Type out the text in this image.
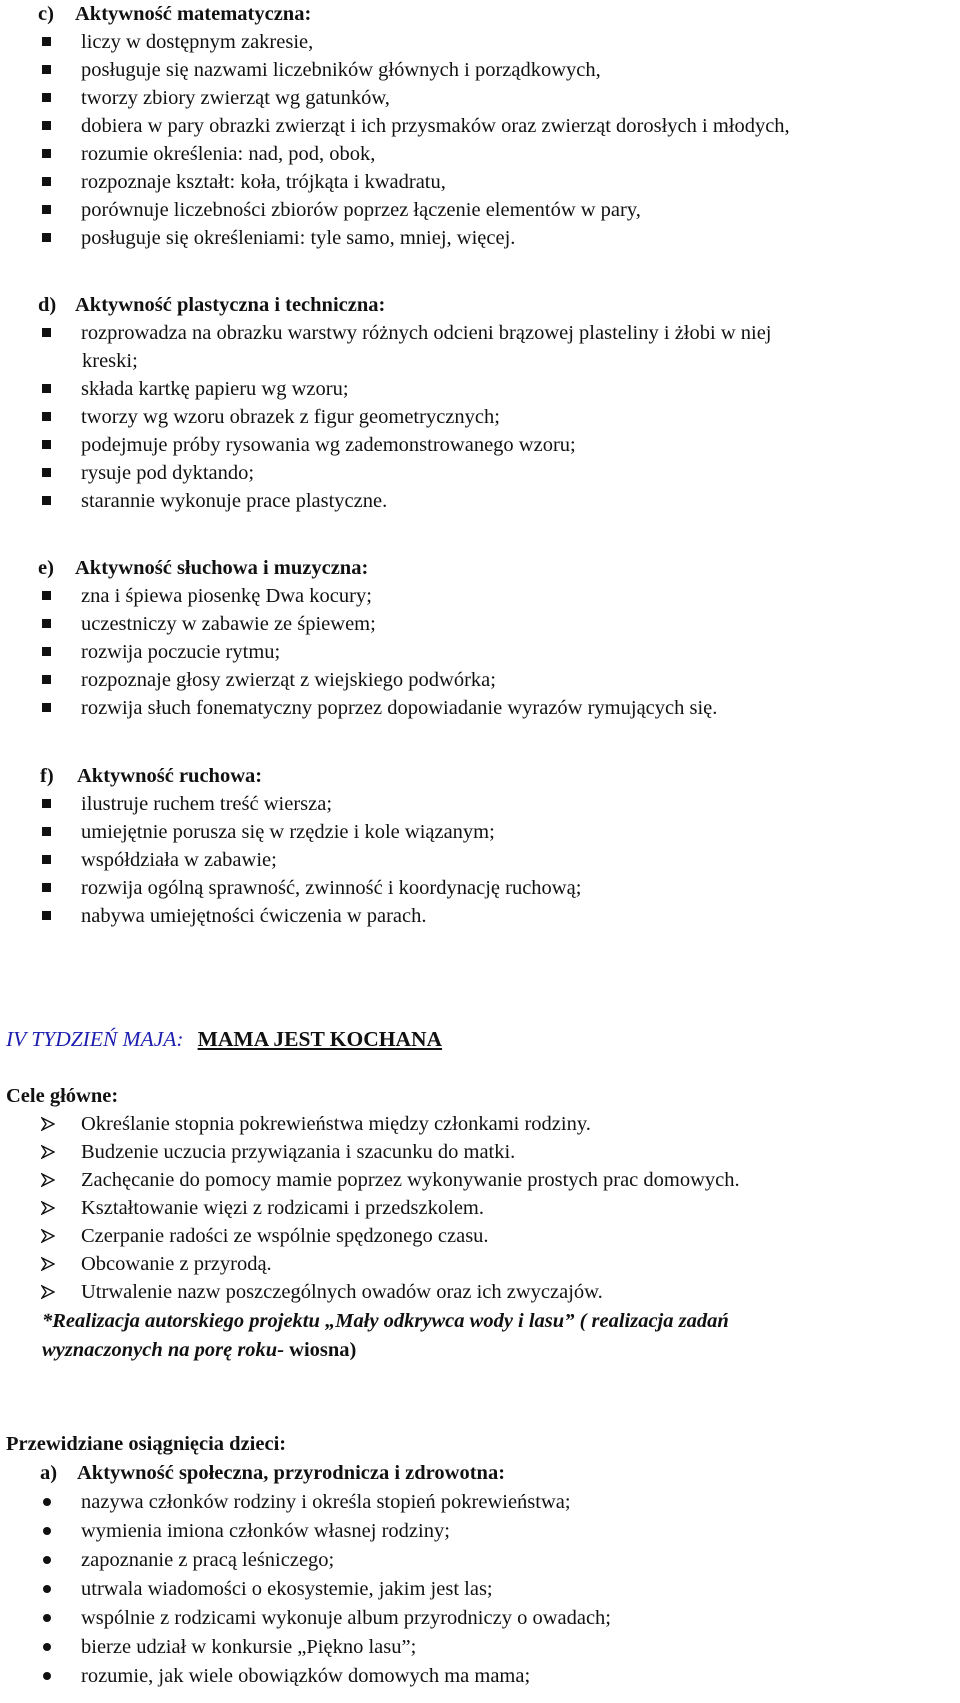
c) Aktywność matematyczna:
liczy w dostępnym zakresie,
posługuje się nazwami liczebników głównych i porządkowych,
tworzy zbiory zwierząt wg gatunków,
dobiera w pary obrazki zwierząt i ich przysmaków oraz zwierząt dorosłych i młodych,
rozumie określenia: nad, pod, obok,
rozpoznaje kształt: koła, trójkąta i kwadratu,
porównuje liczebności zbiorów poprzez łączenie elementów w pary,
posługuje się określeniami: tyle samo, mniej, więcej.
d) Aktywność plastyczna i techniczna:
rozprowadza na obrazku warstwy różnych odcieni brązowej plasteliny i żłobi w niej
kreski;
składa kartkę papieru wg wzoru;
tworzy wg wzoru obrazek z figur geometrycznych;
podejmuje próby rysowania wg zademonstrowanego wzoru;
rysuje pod dyktando;
starannie wykonuje prace plastyczne.
e) Aktywność słuchowa i muzyczna:
zna i śpiewa piosenkę Dwa kocury;
uczestniczy w zabawie ze śpiewem;
rozwija poczucie rytmu;
rozpoznaje głosy zwierząt z wiejskiego podwórka;
rozwija słuch fonematyczny poprzez dopowiadanie wyrazów rymujących się.
f) Aktywność ruchowa:
ilustruje ruchem treść wiersza;
umiejętnie porusza się w rzędzie i kole wiązanym;
współdziała w zabawie;
rozwija ogólną sprawność, zwinność i koordynację ruchową;
nabywa umiejętności ćwiczenia w parach.
IV TYDZIEŃ MAJA: MAMA JEST KOCHANA
Cele główne:
Określanie stopnia pokrewieństwa między członkami rodziny.
Budzenie uczucia przywiązania i szacunku do matki.
Zachęcanie do pomocy mamie poprzez wykonywanie prostych prac domowych.
Kształtowanie więzi z rodzicami i przedszkolem.
Czerpanie radości ze wspólnie spędzonego czasu.
Obcowanie z przyrodą.
Utrwalenie nazw poszczególnych owadów oraz ich zwyczajów.
*Realizacja autorskiego projektu „Mały odkrywca wody i lasu” ( realizacja zadań
wyznaczonych na porę roku- wiosna)
Przewidziane osiągnięcia dzieci:
a) Aktywność społeczna, przyrodnicza i zdrowotna:
nazywa członków rodziny i określa stopień pokrewieństwa;
wymienia imiona członków własnej rodziny;
zapoznanie z pracą leśniczego;
utrwala wiadomości o ekosystemie, jakim jest las;
wspólnie z rodzicami wykonuje album przyrodniczy o owadach;
bierze udział w konkursie „Piękno lasu”;
rozumie, jak wiele obowiązków domowych ma mama;
